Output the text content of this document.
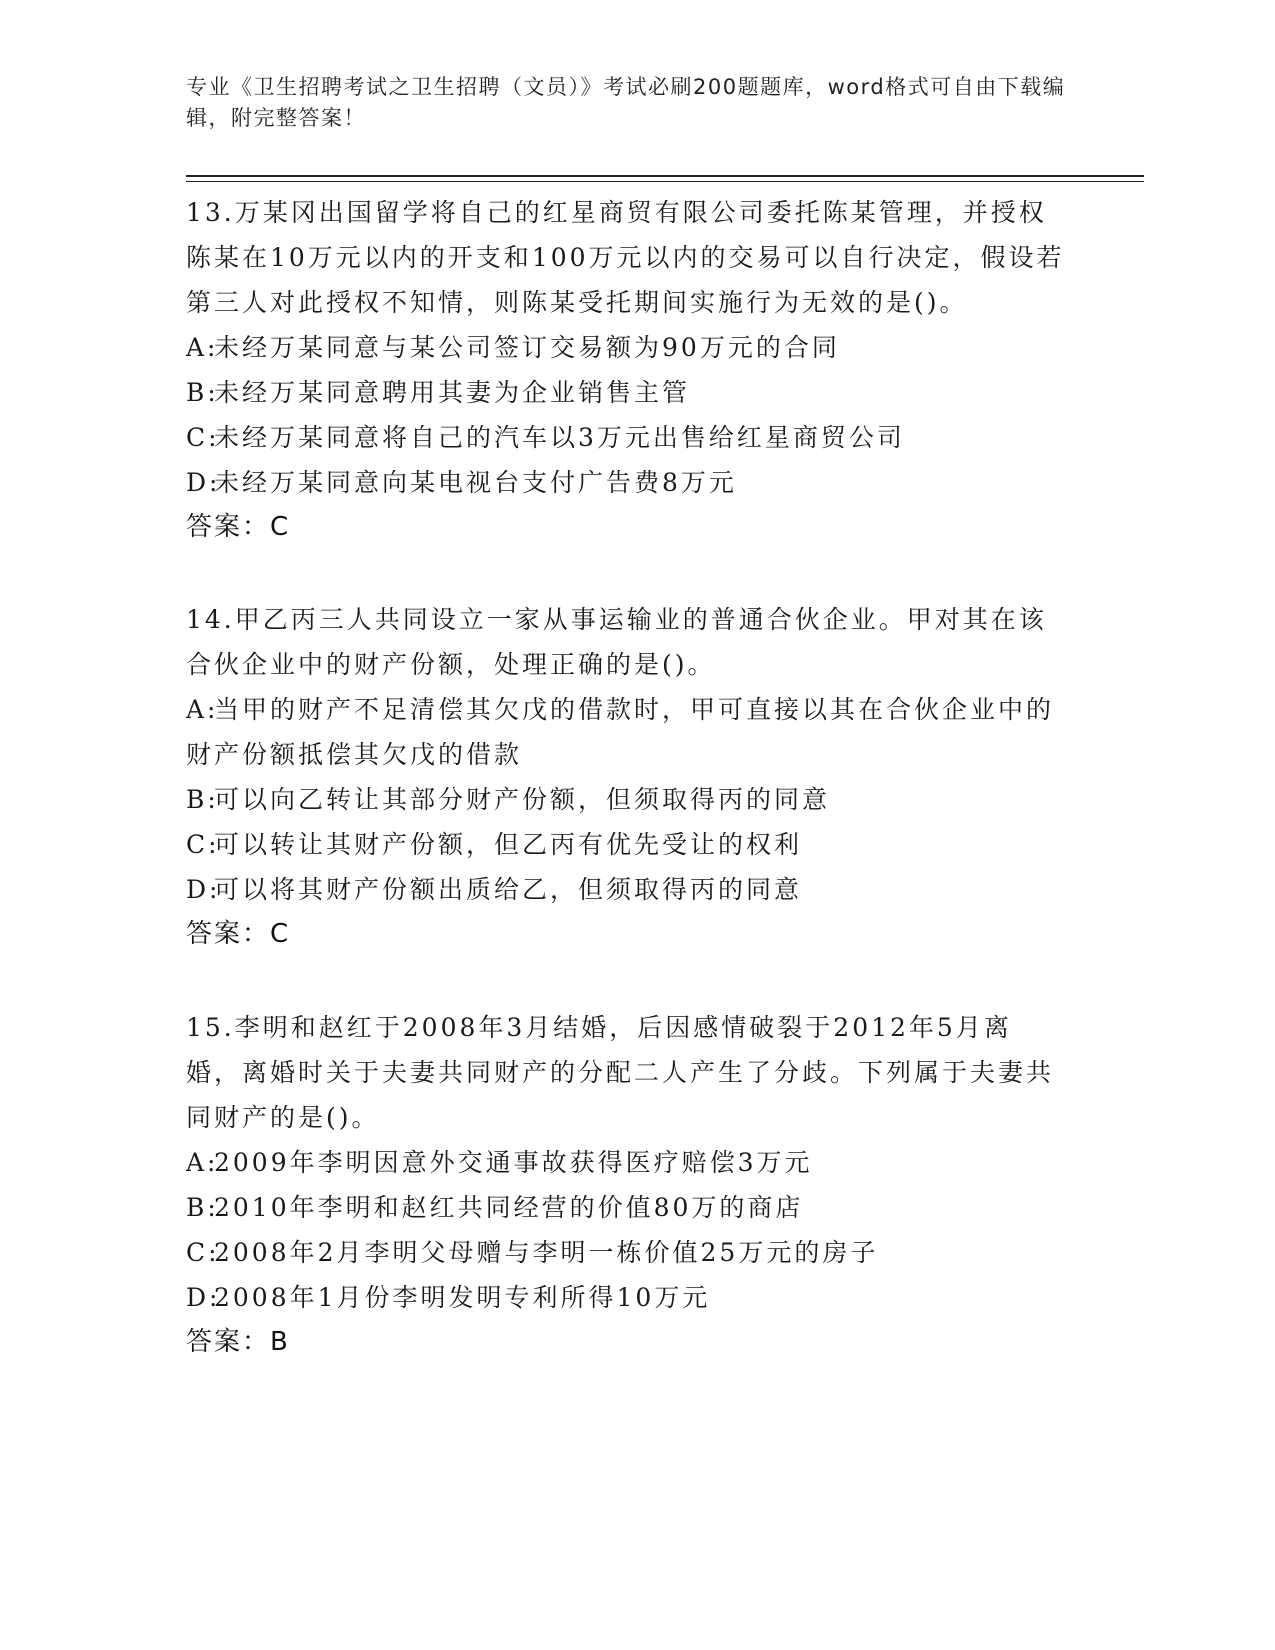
专业《卫生招聘考试之卫生招聘（文员）》考试必刷200题题库，word格式可自由下载编辑，附完整答案！

13.万某冈出国留学将自己的红星商贸有限公司委托陈某管理，并授权陈某在10万元以内的开支和100万元以内的交易可以自行决定，假设若第三人对此授权不知情，则陈某受托期间实施行为无效的是()。

A:未经万某同意与某公司签订交易额为90万元的合同

B:未经万某同意聘用其妻为企业销售主管

C:未经万某同意将自己的汽车以3万元出售给红星商贸公司

D:未经万某同意向某电视台支付广告费8万元

答案：C

14.甲乙丙三人共同设立一家从事运输业的普通合伙企业。甲对其在该合伙企业中的财产份额，处理正确的是()。

A:当甲的财产不足清偿其欠戊的借款时，甲可直接以其在合伙企业中的财产份额抵偿其欠戊的借款

B:可以向乙转让其部分财产份额，但须取得丙的同意

C:可以转让其财产份额，但乙丙有优先受让的权利

D:可以将其财产份额出质给乙，但须取得丙的同意

答案：C

15.李明和赵红于2008年3月结婚，后因感情破裂于2012年5月离婚，离婚时关于夫妻共同财产的分配二人产生了分歧。下列属于夫妻共同财产的是()。

A:2009年李明因意外交通事故获得医疗赔偿3万元

B:2010年李明和赵红共同经营的价值80万的商店

C:2008年2月李明父母赠与李明一栋价值25万元的房子

D:2008年1月份李明发明专利所得10万元

答案：B
